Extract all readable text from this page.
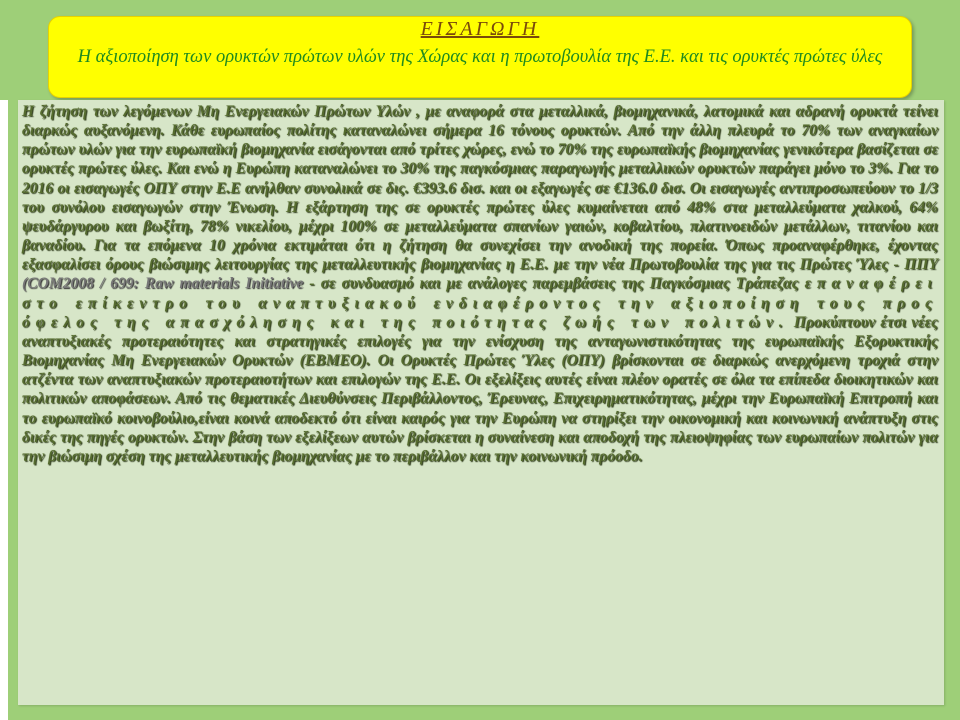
ΕΙΣΑΓΩΓΗ
Η αξιοποίηση των ορυκτών πρώτων υλών της Χώρας και η πρωτοβουλία της Ε.Ε. και τις ορυκτές πρώτες ύλες
Η ζήτηση των λεγόμενων Μη Ενεργειακών Πρώτων Υλών , με αναφορά στα μεταλλικά, βιομηχανικά, λατομικά και αδρανή ορυκτά τείνει διαρκώς αυξανόμενη. Κάθε ευρωπαίος πολίτης καταναλώνει σήμερα 16 τόνους ορυκτών. Από την άλλη πλευρά το 70% των αναγκαίων πρώτων υλών για την ευρωπαϊκή βιομηχανία εισάγονται από τρίτες χώρες, ενώ το 70% της ευρωπαϊκής βιομηχανίας γενικότερα βασίζεται σε ορυκτές πρώτες ύλες. Και ενώ η Ευρώπη καταναλώνει το 30% της παγκόσμιας παραγωγής μεταλλικών ορυκτών παράγει μόνο το 3%. Για το 2016 οι εισαγωγές ΟΠΥ στην Ε.Ε ανήλθαν συνολικά σε δις. €393.6 δισ. και οι εξαγωγές σε €136.0 δισ. Οι εισαγωγές αντιπροσωπεύουν το 1/3 του συνόλου εισαγωγών στην Ένωση. Η εξάρτηση της σε ορυκτές πρώτες ύλες κυμαίνεται από 48% στα μεταλλεύματα χαλκού, 64% ψευδάργυρου και βωξίτη, 78% νικελίου, μέχρι 100% σε μεταλλεύματα σπανίων γαιών, κοβαλτίου, πλατινοειδών μετάλλων, τιτανίου και βαναδίου. Για τα επόμενα 10 χρόνια εκτιμάται ότι η ζήτηση θα συνεχίσει την ανοδική της πορεία. Όπως προαναφέρθηκε, έχοντας εξασφαλίσει όρους βιώσιμης λειτουργίας της μεταλλευτικής βιομηχανίας η Ε.Ε. με την νέα Πρωτοβουλία της για τις Πρώτες Ύλες - ΠΠΥ (COM2008 / 699: Raw materials Initiative - σε συνδυασμό και με ανάλογες παρεμβάσεις της Παγκόσμιας Τράπεζας επαναφέρει στο επίκεντρο του αναπτυξιακού ενδιαφέροντος την αξιοποίηση τους προς όφελος της απασχόλησης και της ποιότητας ζωής των πολιτών. Προκύπτουν έτσι νέες αναπτυξιακές προτεραιότητες και στρατηγικές επιλογές για την ενίσχυση της ανταγωνιστικότητας της ευρωπαϊκής Εξορυκτικής Βιομηχανίας Μη Ενεργειακών Ορυκτών (ΕΒΜΕΟ). Οι Ορυκτές Πρώτες Ύλες (ΟΠΥ) βρίσκονται σε διαρκώς ανερχόμενη τροχιά στην ατζέντα των αναπτυξιακών προτεραιοτήτων και επιλογών της Ε.Ε. Οι εξελίξεις αυτές είναι πλέον ορατές σε όλα τα επίπεδα διοικητικών και πολιτικών αποφάσεων. Από τις θεματικές Διευθύνσεις Περιβάλλοντος, Έρευνας, Επιχειρηματικότητας, μέχρι την Ευρωπαϊκή Επιτροπή και το ευρωπαϊκό κοινοβούλιο,είναι κοινά αποδεκτό ότι είναι καιρός για την Ευρώπη να στηρίξει την οικονομική και κοινωνική ανάπτυξη στις δικές της πηγές ορυκτών. Στην βάση των εξελίξεων αυτών βρίσκεται η συναίνεση και αποδοχή της πλειοψηφίας των ευρωπαίων πολιτών για την βιώσιμη σχέση της μεταλλευτικής βιομηχανίας με το περιβάλλον και την κοινωνική πρόοδο.
